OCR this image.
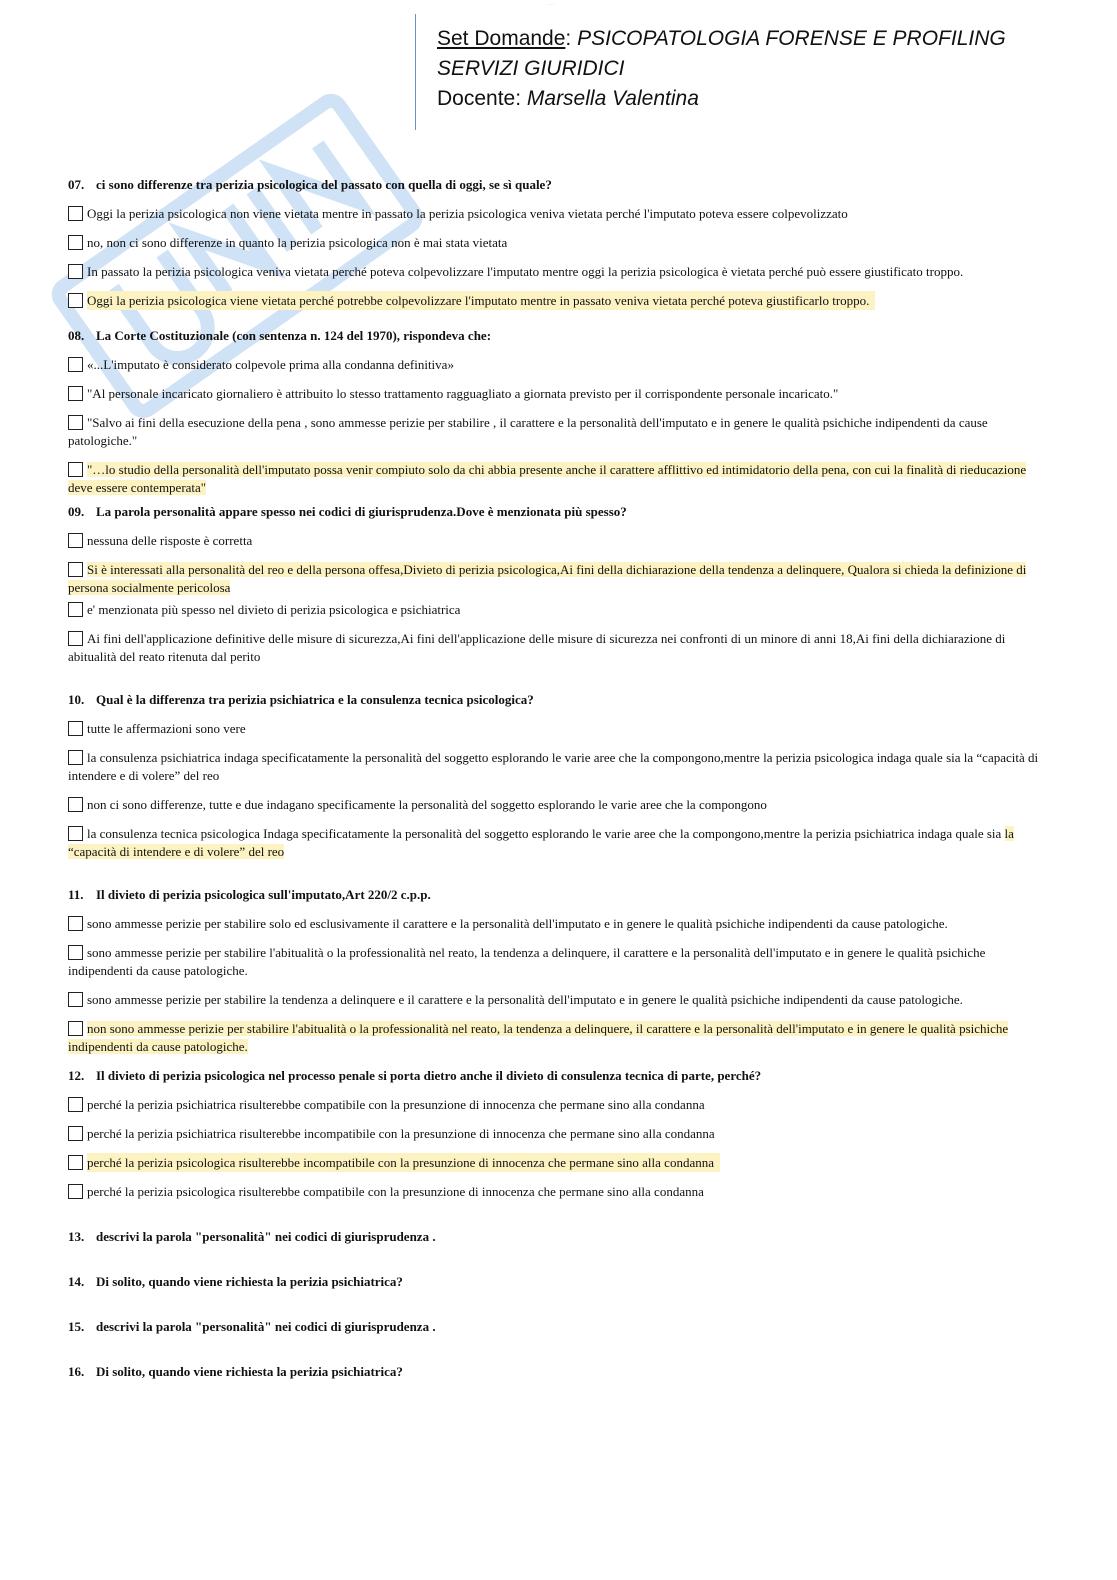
·····
Set Domande: PSICOPATOLOGIA FORENSE E PROFILING
SERVIZI GIURIDICI
Docente: Marsella Valentina
07. ci sono differenze tra perizia psicologica del passato con quella di oggi, se sì quale?
Oggi la perizia psicologica non viene vietata mentre in passato la perizia psicologica veniva vietata perché l'imputato poteva essere colpevolizzato
no, non ci sono differenze in quanto la perizia psicologica non è mai stata vietata
In passato la perizia psicologica veniva vietata perché poteva colpevolizzare l'imputato mentre oggi la perizia psicologica è vietata perché può essere giustificato troppo.
Oggi la perizia psicologica viene vietata perché potrebbe colpevolizzare l'imputato mentre in passato veniva vietata perché poteva giustificarlo troppo.
08. La Corte Costituzionale (con sentenza n. 124 del 1970), rispondeva che:
«...L'imputato è considerato colpevole prima alla condanna definitiva»
"Al personale incaricato giornaliero è attribuito lo stesso trattamento ragguagliato a giornata previsto per il corrispondente personale incaricato."
"Salvo ai fini della esecuzione della pena , sono ammesse perizie per stabilire , il carattere e la personalità dell'imputato e in genere le qualità psichiche indipendenti da cause patologiche."
"…lo studio della personalità dell'imputato possa venir compiuto solo da chi abbia presente anche il carattere afflittivo ed intimidatorio della pena, con cui la finalità di rieducazione deve essere contemperata"
09. La parola personalità appare spesso nei codici di giurisprudenza.Dove è menzionata più spesso?
nessuna delle risposte è corretta
Si è interessati alla personalità del reo e della persona offesa,Divieto di perizia psicologica,Ai fini della dichiarazione della tendenza a delinquere, Qualora si chieda la definizione di persona socialmente pericolosa
e' menzionata più spesso nel divieto di perizia psicologica e psichiatrica
Ai fini dell'applicazione definitive delle misure di sicurezza,Ai fini dell'applicazione delle misure di sicurezza nei confronti di un minore di anni 18,Ai fini della dichiarazione di abitualità del reato ritenuta dal perito
10. Qual è la differenza tra perizia psichiatrica e la consulenza tecnica psicologica?
tutte le affermazioni sono vere
la consulenza psichiatrica indaga specificatamente la personalità del soggetto esplorando le varie aree che la compongono,mentre la perizia psicologica indaga quale sia la “capacità di intendere e di volere” del reo
non ci sono differenze, tutte e due indagano specificamente la personalità del soggetto esplorando le varie aree che la compongono
la consulenza tecnica psicologica Indaga specificatamente la personalità del soggetto esplorando le varie aree che la compongono,mentre la perizia psichiatrica indaga quale sia la “capacità di intendere e di volere” del reo
11. Il divieto di perizia psicologica sull'imputato,Art 220/2 c.p.p.
sono ammesse perizie per stabilire solo ed esclusivamente il carattere e la personalità dell'imputato e in genere le qualità psichiche indipendenti da cause patologiche.
sono ammesse perizie per stabilire l'abitualità o la professionalità nel reato, la tendenza a delinquere, il carattere e la personalità dell'imputato e in genere le qualità psichiche indipendenti da cause patologiche.
sono ammesse perizie per stabilire la tendenza a delinquere e il carattere e la personalità dell'imputato e in genere le qualità psichiche indipendenti da cause patologiche.
non sono ammesse perizie per stabilire l'abitualità o la professionalità nel reato, la tendenza a delinquere, il carattere e la personalità dell'imputato e in genere le qualità psichiche indipendenti da cause patologiche.
12. Il divieto di perizia psicologica nel processo penale si porta dietro anche il divieto di consulenza tecnica di parte, perché?
perché la perizia psichiatrica risulterebbe compatibile con la presunzione di innocenza che permane sino alla condanna
perché la perizia psichiatrica risulterebbe incompatibile con la presunzione di innocenza che permane sino alla condanna
perché la perizia psicologica risulterebbe incompatibile con la presunzione di innocenza che permane sino alla condanna
perché la perizia psicologica risulterebbe compatibile con la presunzione di innocenza che permane sino alla condanna
13. descrivi la parola "personalità" nei codici di giurisprudenza .
14. Di solito, quando viene richiesta la perizia psichiatrica?
15. descrivi la parola "personalità" nei codici di giurisprudenza .
16. Di solito, quando viene richiesta la perizia psichiatrica?
